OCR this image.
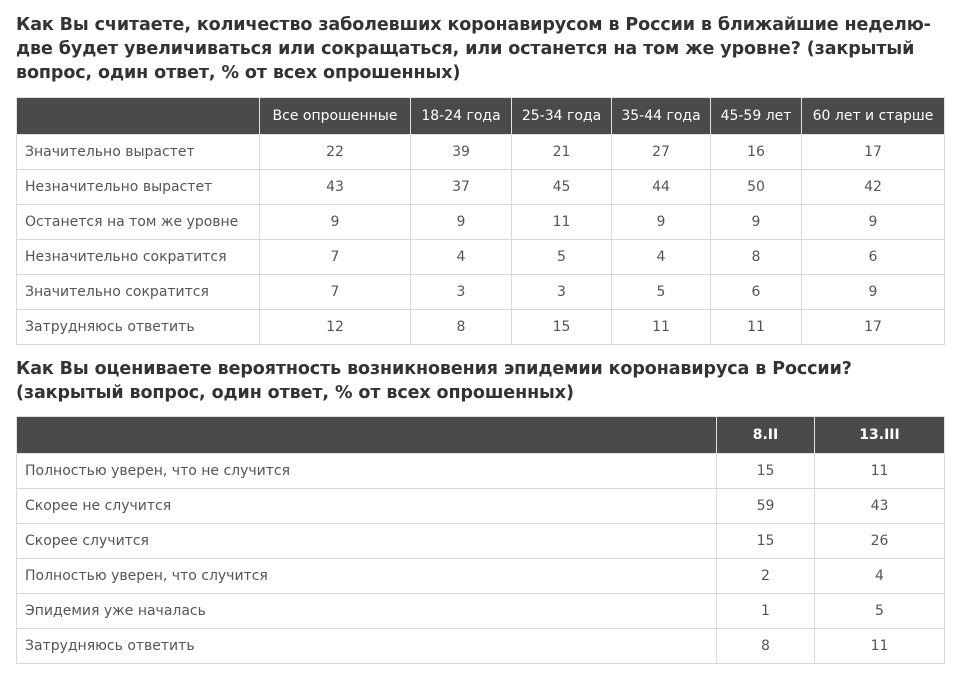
Как Вы считаете, количество заболевших коронавирусом в России в ближайшие неделю-две будет увеличиваться или сокращаться, или останется на том же уровне? (закрытый вопрос, один ответ, % от всех опрошенных)
	Все опрошенные	18-24 года	25-34 года	35-44 года	45-59 лет	60 лет и старше
Значительно вырастет	22	39	21	27	16	17
Незначительно вырастет	43	37	45	44	50	42
Останется на том же уровне	9	9	11	9	9	9
Незначительно сократится	7	4	5	4	8	6
Значительно сократится	7	3	3	5	6	9
Затрудняюсь ответить	12	8	15	11	11	17
Как Вы оцениваете вероятность возникновения эпидемии коронавируса в России? (закрытый вопрос, один ответ, % от всех опрошенных)
	8.II	13.III
Полностью уверен, что не случится	15	11
Скорее не случится	59	43
Скорее случится	15	26
Полностью уверен, что случится	2	4
Эпидемия уже началась	1	5
Затрудняюсь ответить	8	11
